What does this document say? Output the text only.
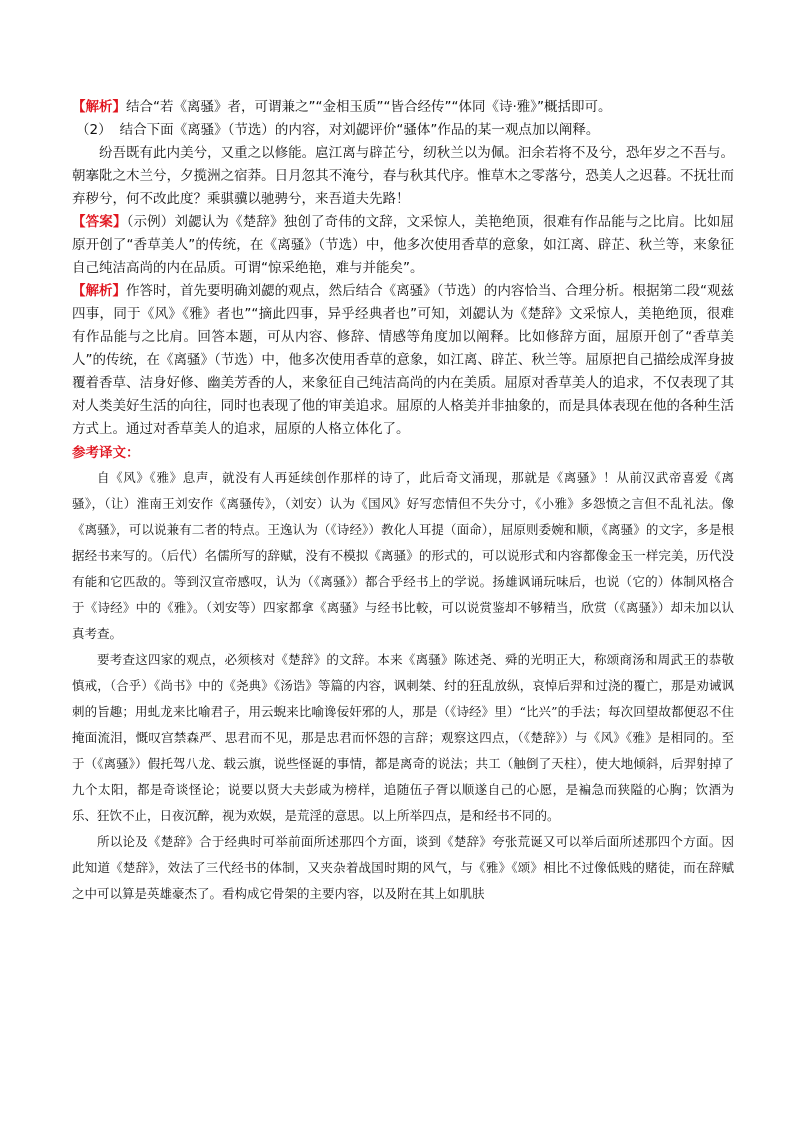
【解析】结合“若《离骚》者，可谓兼之”“金相玉质”“皆合经传”“体同《诗·雅》”概括即可。

（2） 结合下面《离骚》（节选）的内容，对刘勰评价“骚体”作品的某一观点加以阐释。

纷吾既有此内美兮，又重之以修能。扈江离与辟芷兮，纫秋兰以为佩。汩余若将不及兮，恐年岁之不吾与。朝搴阰之木兰兮，夕揽洲之宿莽。日月忽其不淹兮，春与秋其代序。惟草木之零落兮，恐美人之迟暮。不抚壮而弃秽兮，何不改此度？乘骐骥以驰骋兮，来吾道夫先路！

【答案】（示例）刘勰认为《楚辞》独创了奇伟的文辞，文采惊人，美艳绝顶，很难有作品能与之比肩。比如屈原开创了“香草美人”的传统，在《离骚》（节选）中，他多次使用香草的意象，如江离、辟芷、秋兰等，来象征自己纯洁高尚的内在品质。可谓“惊采绝艳，难与并能矣”。

【解析】作答时，首先要明确刘勰的观点，然后结合《离骚》（节选）的内容恰当、合理分析。根据第二段“观兹四事，同于《风》《雅》者也”“摘此四事，异乎经典者也”可知，刘勰认为《楚辞》文采惊人，美艳绝顶，很难有作品能与之比肩。回答本题，可从内容、修辞、情感等角度加以阐释。比如修辞方面，屈原开创了“香草美人”的传统，在《离骚》（节选）中，他多次使用香草的意象，如江离、辟芷、秋兰等。屈原把自己描绘成浑身披覆着香草、洁身好修、幽美芳香的人，来象征自己纯洁高尚的内在美质。屈原对香草美人的追求，不仅表现了其对人类美好生活的向往，同时也表现了他的审美追求。屈原的人格美并非抽象的，而是具体表现在他的各种生活方式上。通过对香草美人的追求，屈原的人格立体化了。

参考译文：

自《风》《雅》息声，就没有人再延续创作那样的诗了，此后奇文涌现，那就是《离骚》！从前汉武帝喜爱《离骚》，（让）淮南王刘安作《离骚传》，（刘安）认为《国风》好写恋情但不失分寸，《小雅》多怨愤之言但不乱礼法。像《离骚》，可以说兼有二者的特点。王逸认为（《诗经》）教化人耳提（面命），屈原则委婉和顺，《离骚》的文字，多是根据经书来写的。（后代）名儒所写的辞赋，没有不模拟《离骚》的形式的，可以说形式和内容都像金玉一样完美，历代没有能和它匹敌的。等到汉宣帝感叹，认为（《离骚》）都合乎经书上的学说。扬雄讽诵玩味后，也说（它的）体制风格合于《诗经》中的《雅》。（刘安等）四家都拿《离骚》与经书比較，可以说赏鉴却不够精当，欣赏（《离骚》）却未加以认真考查。

要考查这四家的观点，必须核对《楚辞》的文辞。本来《离骚》陈述尧、舜的光明正大，称颂商汤和周武王的恭敬慎戒，（合乎）《尚书》中的《尧典》《汤诰》等篇的内容，讽刺桀、纣的狂乱放纵，哀悼后羿和过浇的覆亡，那是劝诫讽刺的旨趣；用虬龙来比喻君子，用云蜺来比喻谗佞奸邪的人，那是（《诗经》里）“比兴”的手法；每次回望故都便忍不住掩面流泪，慨叹宫禁森严、思君而不见，那是忠君而怀怨的言辞；观察这四点，（《楚辞》）与《风》《雅》是相同的。至于（《离骚》）假托驾八龙、载云旗，说些怪诞的事情，都是离奇的说法；共工（触倒了天柱），使大地倾斜，后羿射掉了九个太阳，都是奇谈怪论；说要以贤大夫彭咸为榜样，追随伍子胥以顺遂自己的心愿，是褊急而狭隘的心胸；饮酒为乐、狂饮不止，日夜沉醉，视为欢娱，是荒淫的意思。以上所举四点，是和经书不同的。

所以论及《楚辞》合于经典时可举前面所述那四个方面，谈到《楚辞》夸张荒诞又可以举后面所述那四个方面。因此知道《楚辞》，效法了三代经书的体制，又夹杂着战国时期的风气，与《雅》《颂》相比不过像低贱的赌徒，而在辞赋之中可以算是英雄豪杰了。看构成它骨架的主要内容，以及附在其上如肌肤
